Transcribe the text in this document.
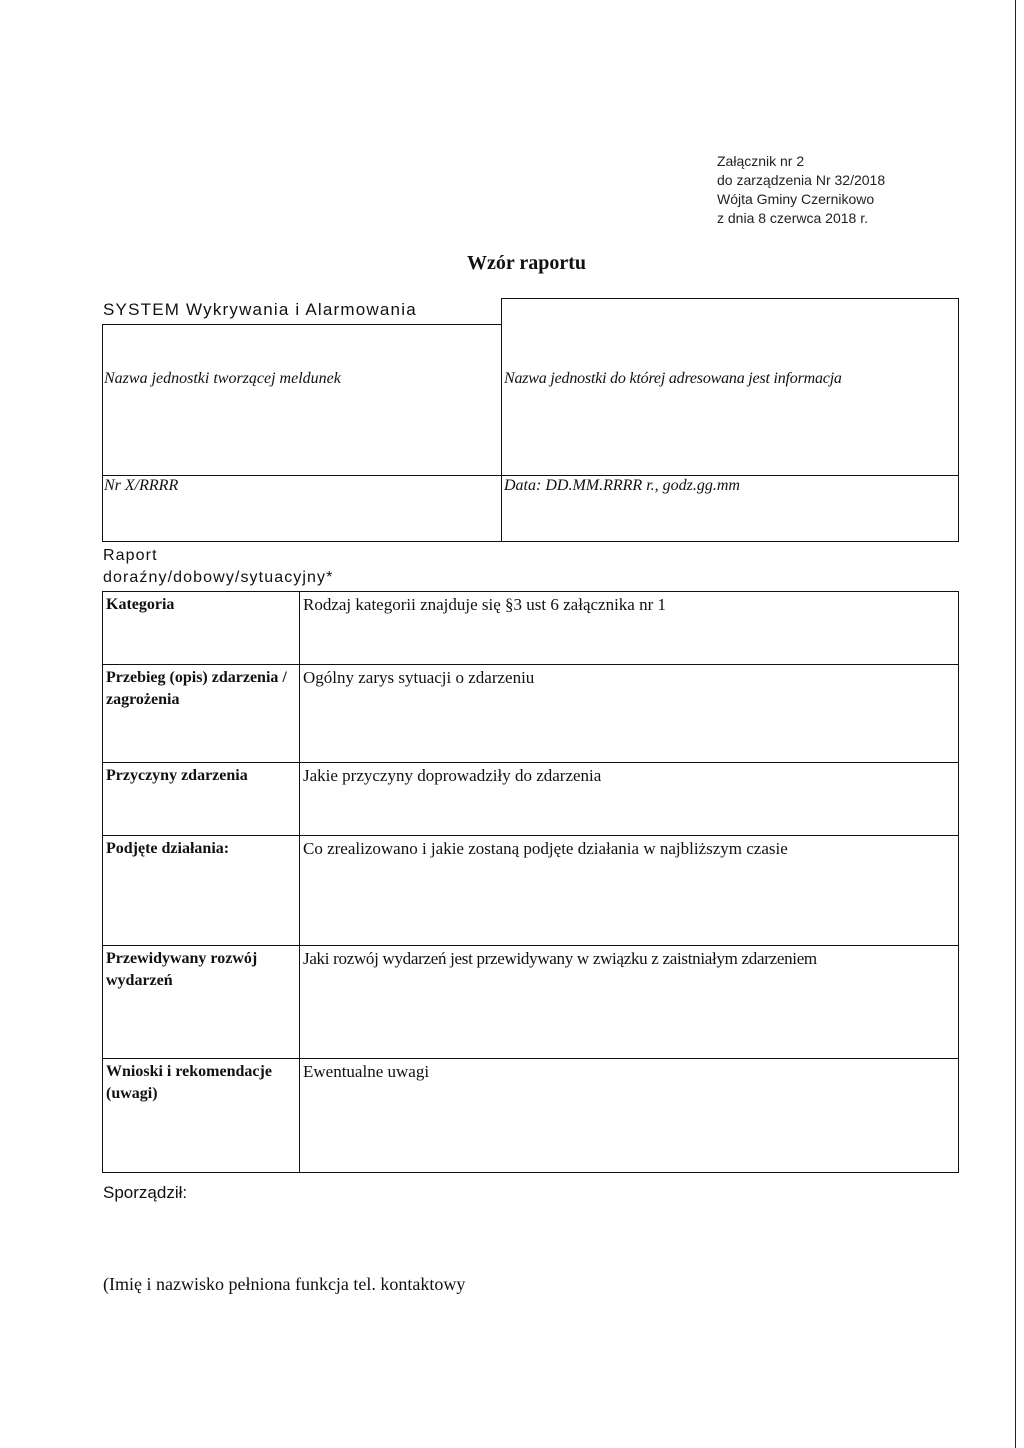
Załącznik nr 2
do zarządzenia Nr 32/2018
Wójta Gminy Czernikowo
z dnia 8 czerwca 2018 r.
Wzór raportu
SYSTEM Wykrywania i Alarmowania
Nazwa jednostki tworzącej meldunek	Nazwa jednostki do której adresowana jest informacja
Nr X/RRRR	Data: DD.MM.RRRR r., godz.gg.mm
Raport
doraźny/dobowy/sytuacyjny*
Kategoria	Rodzaj kategorii znajduje się §3 ust 6 załącznika nr 1
Przebieg (opis) zdarzenia / zagrożenia	Ogólny zarys sytuacji o zdarzeniu
Przyczyny zdarzenia	Jakie przyczyny doprowadziły do zdarzenia
Podjęte działania:	Co zrealizowano i jakie zostaną podjęte działania w najbliższym czasie
Przewidywany rozwój wydarzeń	Jaki rozwój wydarzeń jest przewidywany w związku z zaistniałym zdarzeniem
Wnioski i rekomendacje (uwagi)	Ewentualne uwagi
Sporządził:
(Imię i nazwisko pełniona funkcja tel. kontaktowy
